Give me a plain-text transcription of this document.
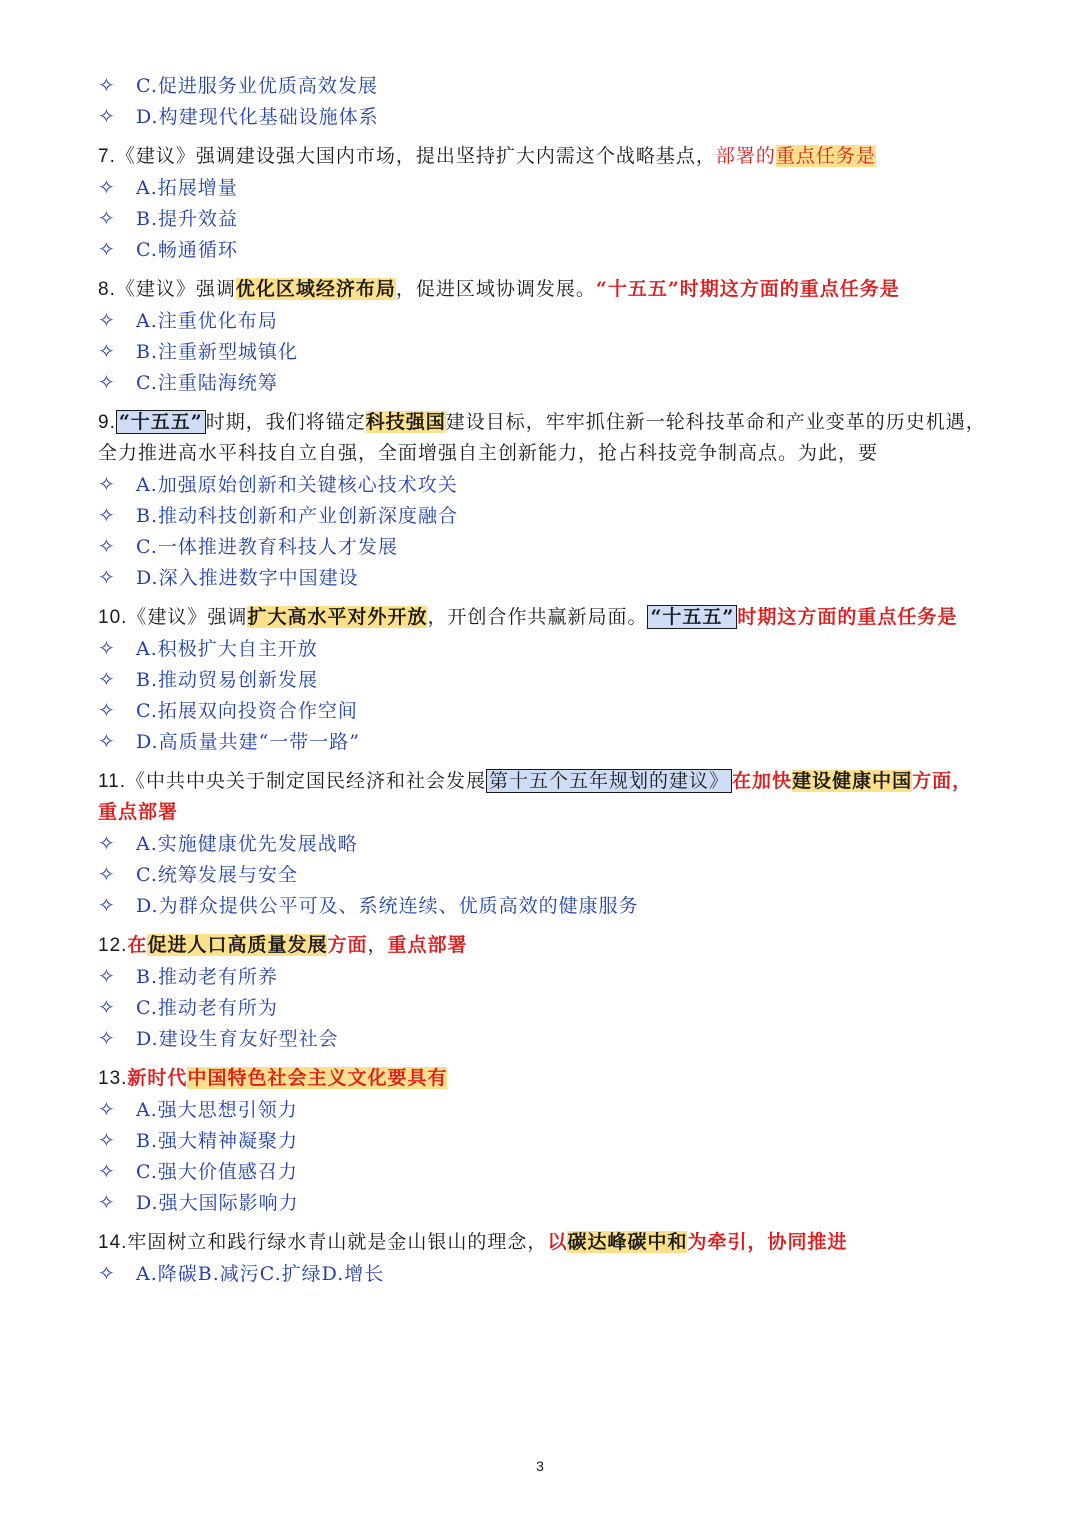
✧ C.促进服务业优质高效发展
✧ D.构建现代化基础设施体系
7.《建议》强调建设强大国内市场，提出坚持扩大内需这个战略基点，部署的重点任务是
✧ A.拓展增量
✧ B.提升效益
✧ C.畅通循环
8.《建议》强调优化区域经济布局，促进区域协调发展。“十五五”时期这方面的重点任务是
✧ A.注重优化布局
✧ B.注重新型城镇化
✧ C.注重陆海统筹
9. “十五五” 时期，我们将锚定科技强国建设目标，牢牢抓住新一轮科技革命和产业变革的历史机遇，全力推进高水平科技自立自强，全面增强自主创新能力，抢占科技竞争制高点。为此，要
✧ A.加强原始创新和关键核心技术攻关
✧ B.推动科技创新和产业创新深度融合
✧ C.一体推进教育科技人才发展
✧ D.深入推进数字中国建设
10.《建议》强调扩大高水平对外开放，开创合作共赢新局面。 “十五五” 时期这方面的重点任务是
✧ A.积极扩大自主开放
✧ B.推动贸易创新发展
✧ C.拓展双向投资合作空间
✧ D.高质量共建“一带一路”
11.《中共中央关于制定国民经济和社会发展 第十五个五年规划的建议》 在加快建设健康中国方面，重点部署
✧ A.实施健康优先发展战略
✧ C.统筹发展与安全
✧ D.为群众提供公平可及、系统连续、优质高效的健康服务
12.在促进人口高质量发展方面，重点部署
✧ B.推动老有所养
✧ C.推动老有所为
✧ D.建设生育友好型社会
13.新时代中国特色社会主义文化要具有
✧ A.强大思想引领力
✧ B.强大精神凝聚力
✧ C.强大价值感召力
✧ D.强大国际影响力
14.牢固树立和践行绿水青山就是金山银山的理念，以碳达峰碳中和为牵引，协同推进
✧ A.降碳B.减污C.扩绿D.增长
3
